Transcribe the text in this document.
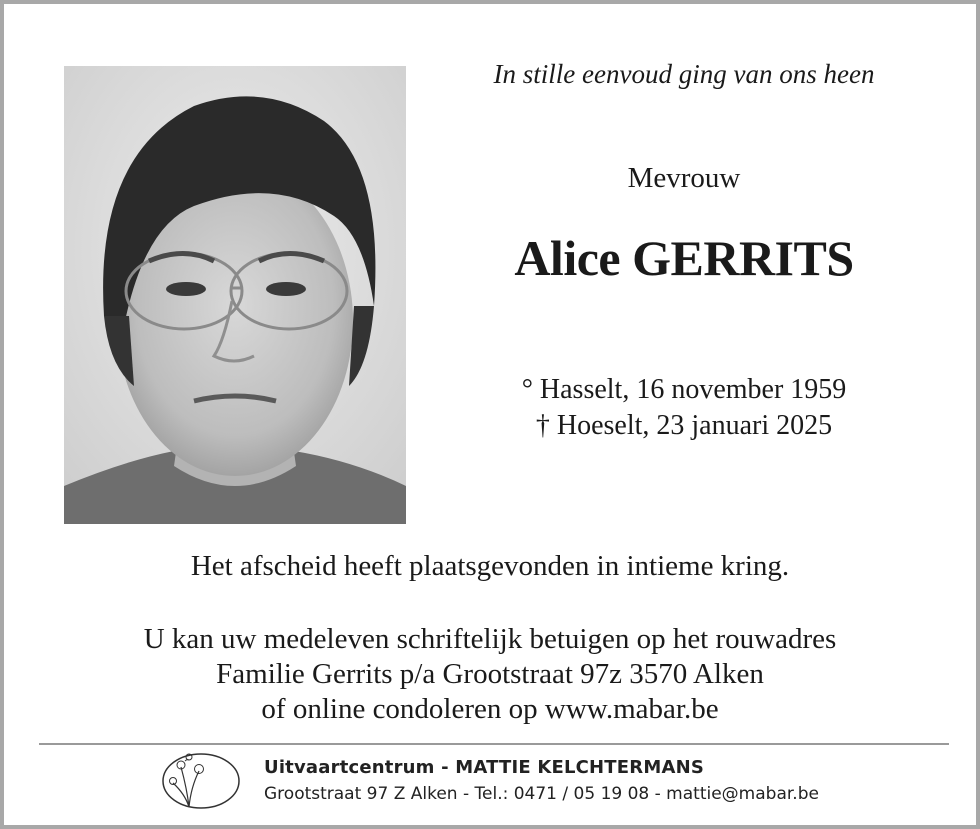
In stille eenvoud ging van ons heen
Mevrouw
Alice GERRITS
° Hasselt, 16 november 1959
† Hoeselt, 23 januari 2025
Het afscheid heeft plaatsgevonden in intieme kring.
U kan uw medeleven schriftelijk betuigen op het rouwadres
Familie Gerrits p/a Grootstraat 97z 3570 Alken
of online condoleren op www.mabar.be
Uitvaartcentrum - MATTIE KELCHTERMANS
Grootstraat 97 Z Alken - Tel.: 0471 / 05 19 08 - mattie@mabar.be
